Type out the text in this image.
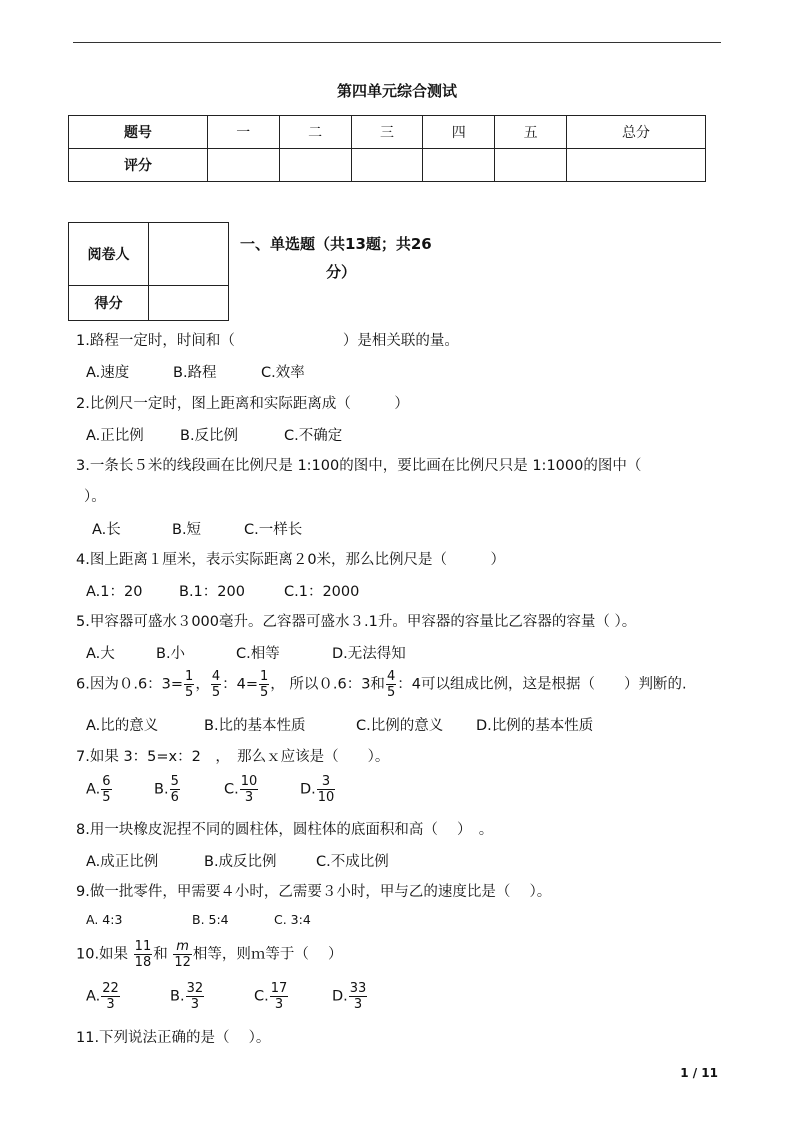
第四单元综合测试
题号	一	二	三	四	五	总分
评分						
阅卷人	
得分	
一、单选题（共13题；共26
分）
1.路程一定时，时间和（	）是相关联的量。
A.速度	B.路程	C.效率
2.比例尺一定时，图上距离和实际距离成（　　　）
A.正比例 B.反比例	C.不确定
3.一条长５米的线段画在比例尺是 1:100的图中，要比画在比例尺只是 1:1000的图中（
）。
A.长	B.短	C.一样长
4.图上距离１厘米，表示实际距离２0米，那么比例尺是（　　　）
A.1：20	B.1：200	C.1：2000
5.甲容器可盛水３000毫升。乙容器可盛水３.1升。甲容器的容量比乙容器的容量（ ）。
A.大	B.小	C.相等	D.无法得知
6.因为０.6：$3= \frac{1}{5}$ ， $\frac{4}{5}$ ：$4= \frac{1}{5}$ ， 所以０.6：3和 $\frac{4}{5}$ ：4可以组成比例，这是根据（　　）判断的.
A.比的意义	B.比的基本性质	C.比例的意义 D.比例的基本性质
7.如果 3：5=x：2　，　那么ｘ应该是（　　）。
A. $\frac{6}{5}$	B. $\frac{5}{6}$	C. $\frac{10}{3}$	D. $\frac{3}{10}$
8.用一块橡皮泥捏不同的圆柱体，圆柱体的底面积和高（　 ）　。
A.成正比例	B.成反比例	C.不成比例
9.做一批零件，甲需要４小时，乙需要３小时，甲与乙的速度比是（　 ）。
A. 4:3	B. 5:4	C. 3:4
10.如果 $\frac{11}{18}$ 和 $\frac{m}{12}$ 相等，则ｍ等于（　 ）
A. $\frac{22}{3}$	B. $\frac{32}{3}$	C. $\frac{17}{3}$	D. $\frac{33}{3}$
11.下列说法正确的是（　 ）。
1 / 11
